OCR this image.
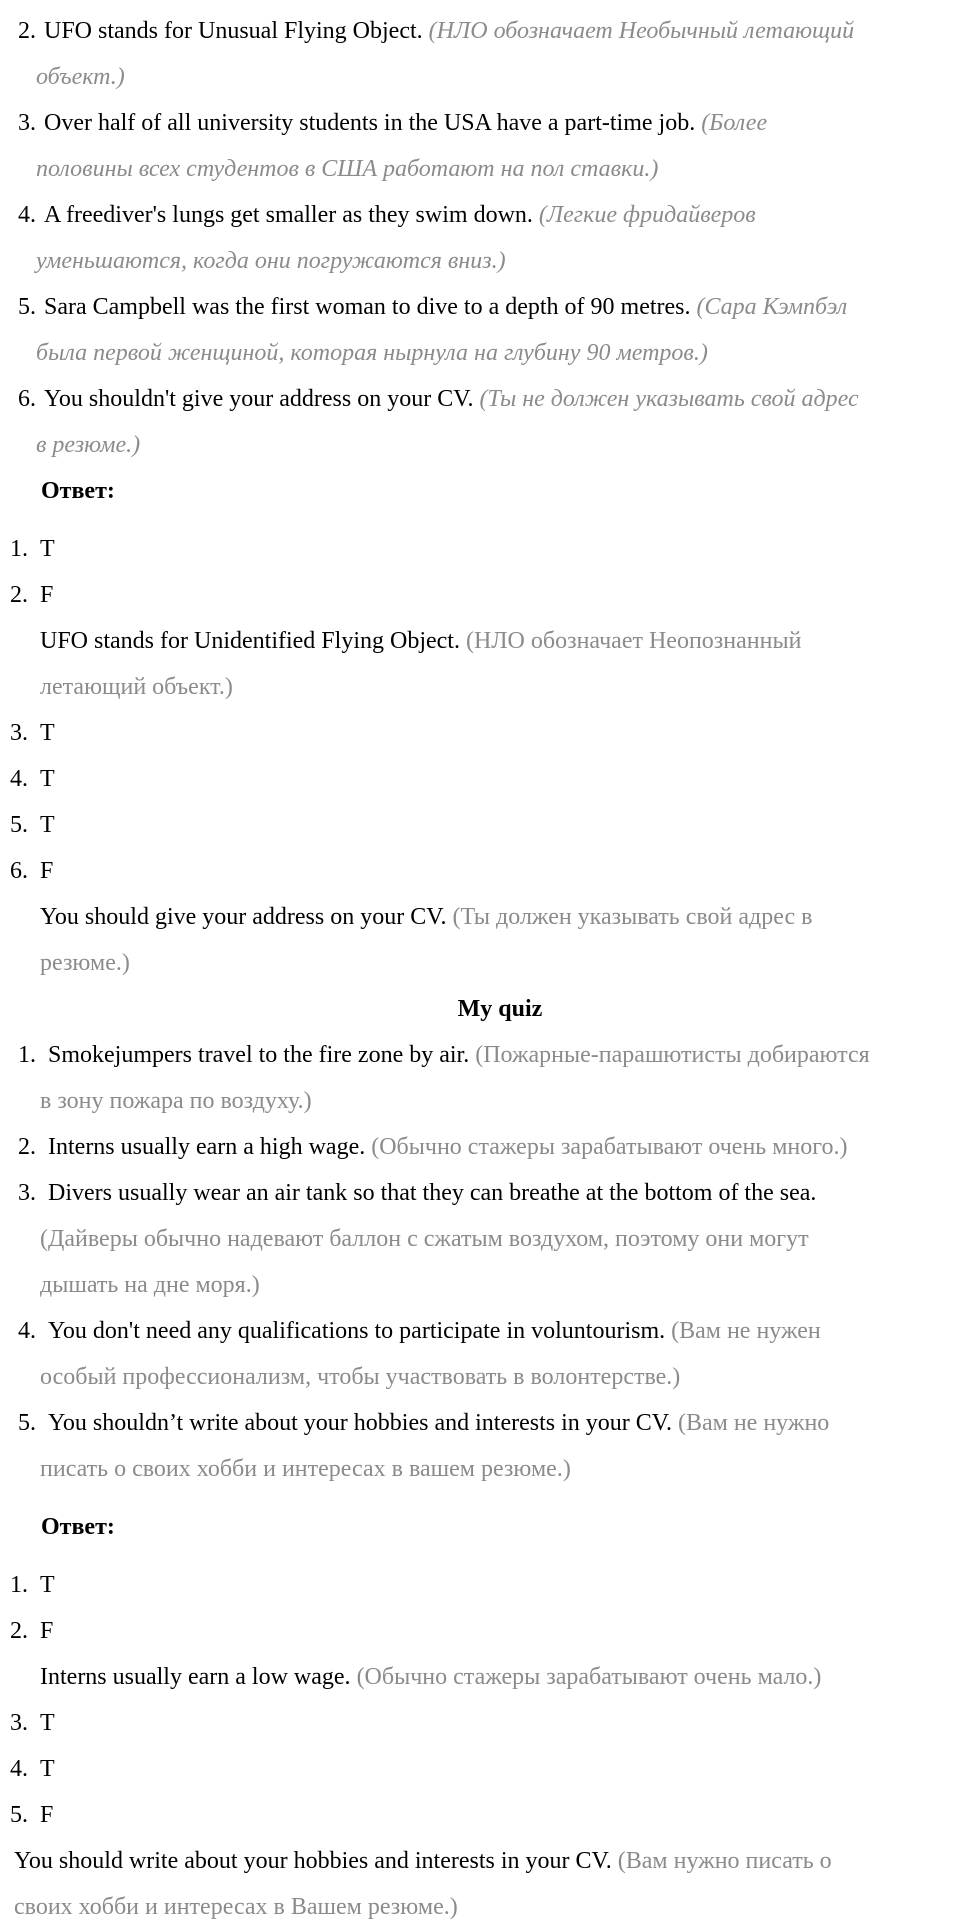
2. UFO stands for Unusual Flying Object. (НЛО обозначает Необычный летающий
объект.)
3. Over half of all university students in the USA have a part-time job. (Более
половины всех студентов в США работают на пол ставки.)
4. A freediver's lungs get smaller as they swim down. (Легкие фридайверов
уменьшаются, когда они погружаются вниз.)
5. Sara Campbell was the first woman to dive to a depth of 90 metres. (Сара Кэмпбэл
была первой женщиной, которая нырнула на глубину 90 метров.)
6. You shouldn't give your address on your CV. (Ты не должен указывать свой адрес
в резюме.)
Ответ:
1. T
2. F
UFO stands for Unidentified Flying Object. (НЛО обозначает Неопознанный
летающий объект.)
3. T
4. T
5. T
6. F
You should give your address on your CV. (Ты должен указывать свой адрес в
резюме.)
My quiz
1. Smokejumpers travel to the fire zone by air. (Пожарные-парашютисты добираются
в зону пожара по воздуху.)
2. Interns usually earn a high wage. (Обычно стажеры зарабатывают очень много.)
3. Divers usually wear an air tank so that they can breathe at the bottom of the sea.
(Дайверы обычно надевают баллон с сжатым воздухом, поэтому они могут
дышать на дне моря.)
4. You don't need any qualifications to participate in voluntourism. (Вам не нужен
особый профессионализм, чтобы участвовать в волонтерстве.)
5. You shouldn’t write about your hobbies and interests in your CV. (Вам не нужно
писать о своих хобби и интересах в вашем резюме.)
Ответ:
1. T
2. F
Interns usually earn a low wage. (Обычно стажеры зарабатывают очень мало.)
3. T
4. T
5. F
You should write about your hobbies and interests in your CV. (Вам нужно писать о
своих хобби и интересах в Вашем резюме.)
